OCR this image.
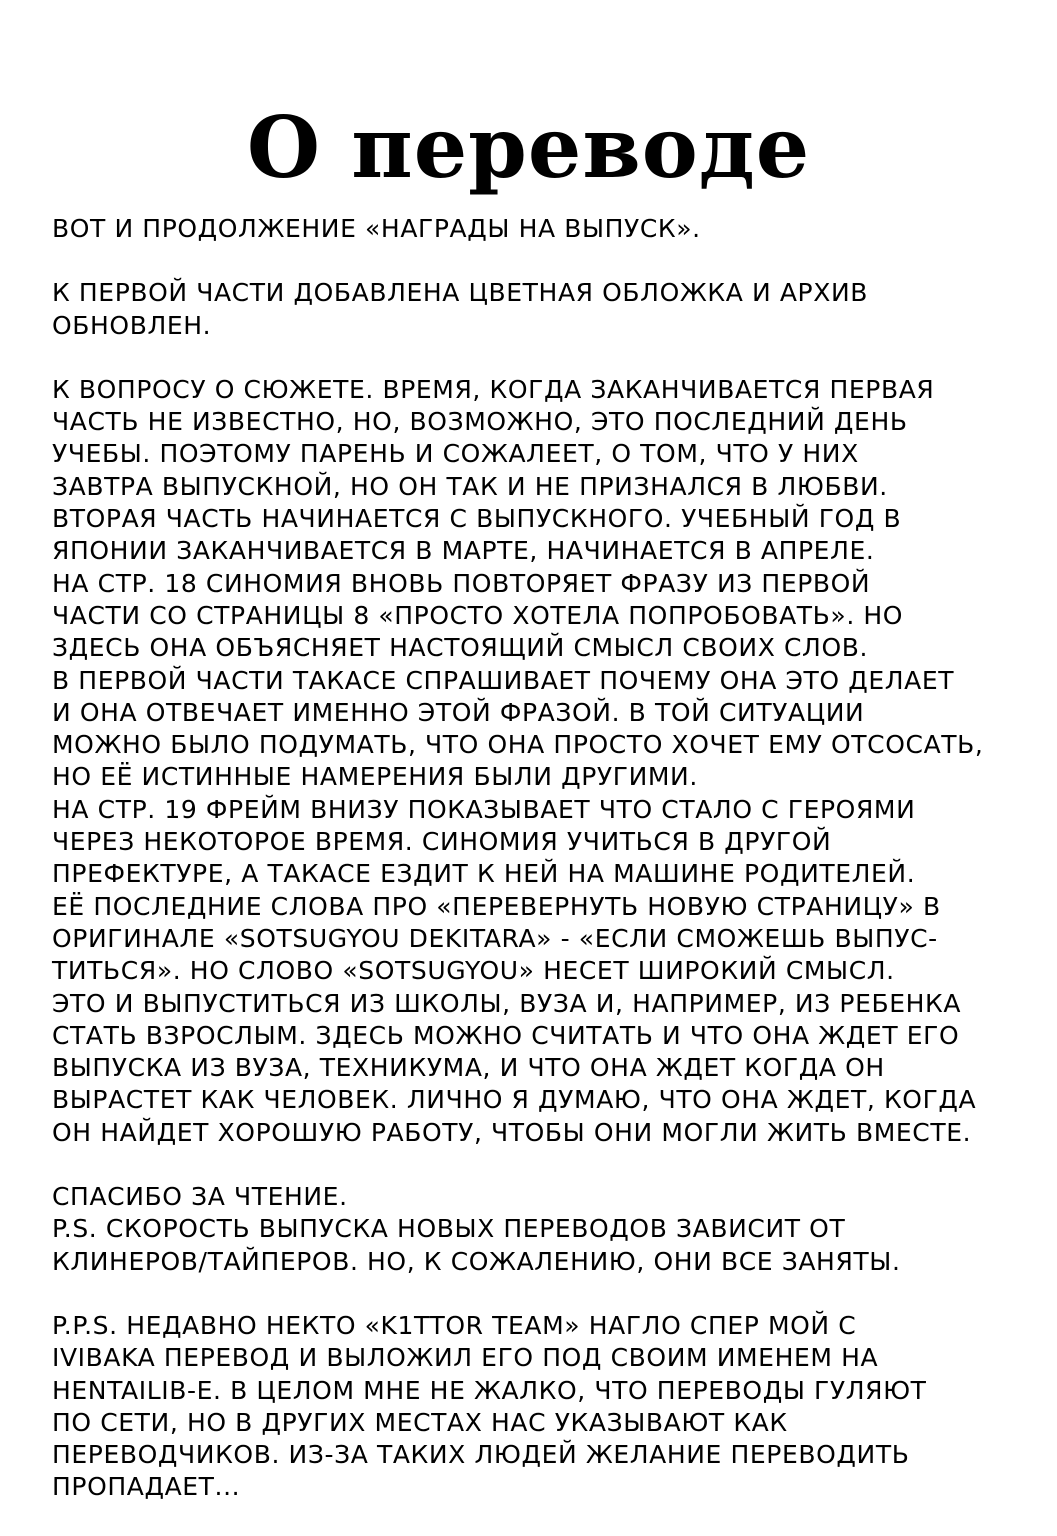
О переводе
ВОТ И ПРОДОЛЖЕНИЕ «НАГРАДЫ НА ВЫПУСК».
К ПЕРВОЙ ЧАСТИ ДОБАВЛЕНА ЦВЕТНАЯ ОБЛОЖКА И АРХИВ
ОБНОВЛЕН.
К ВОПРОСУ О СЮЖЕТЕ. ВРЕМЯ, КОГДА ЗАКАНЧИВАЕТСЯ ПЕРВАЯ
ЧАСТЬ НЕ ИЗВЕСТНО, НО, ВОЗМОЖНО, ЭТО ПОСЛЕДНИЙ ДЕНЬ
УЧЕБЫ. ПОЭТОМУ ПАРЕНЬ И СОЖАЛЕЕТ, О ТОМ, ЧТО У НИХ
ЗАВТРА ВЫПУСКНОЙ, НО ОН ТАК И НЕ ПРИЗНАЛСЯ В ЛЮБВИ.
ВТОРАЯ ЧАСТЬ НАЧИНАЕТСЯ С ВЫПУСКНОГО. УЧЕБНЫЙ ГОД В
ЯПОНИИ ЗАКАНЧИВАЕТСЯ В МАРТЕ, НАЧИНАЕТСЯ В АПРЕЛЕ.
НА СТР. 18 СИНОМИЯ ВНОВЬ ПОВТОРЯЕТ ФРАЗУ ИЗ ПЕРВОЙ
ЧАСТИ СО СТРАНИЦЫ 8 «ПРОСТО ХОТЕЛА ПОПРОБОВАТЬ». НО
ЗДЕСЬ ОНА ОБЪЯСНЯЕТ НАСТОЯЩИЙ СМЫСЛ СВОИХ СЛОВ.
В ПЕРВОЙ ЧАСТИ ТАКАСЕ СПРАШИВАЕТ ПОЧЕМУ ОНА ЭТО ДЕЛАЕТ
И ОНА ОТВЕЧАЕТ ИМЕННО ЭТОЙ ФРАЗОЙ. В ТОЙ СИТУАЦИИ
МОЖНО БЫЛО ПОДУМАТЬ, ЧТО ОНА ПРОСТО ХОЧЕТ ЕМУ ОТСОСАТЬ,
НО ЕЁ ИСТИННЫЕ НАМЕРЕНИЯ БЫЛИ ДРУГИМИ.
НА СТР. 19 ФРЕЙМ ВНИЗУ ПОКАЗЫВАЕТ ЧТО СТАЛО С ГЕРОЯМИ
ЧЕРЕЗ НЕКОТОРОЕ ВРЕМЯ. СИНОМИЯ УЧИТЬСЯ В ДРУГОЙ
ПРЕФЕКТУРЕ, А ТАКАСЕ ЕЗДИТ К НЕЙ НА МАШИНЕ РОДИТЕЛЕЙ.
ЕЁ ПОСЛЕДНИЕ СЛОВА ПРО «ПЕРЕВЕРНУТЬ НОВУЮ СТРАНИЦУ» В
ОРИГИНАЛЕ «SOTSUGYOU DEKITARA» - «ЕСЛИ СМОЖЕШЬ ВЫПУС-
ТИТЬСЯ». НО СЛОВО «SOTSUGYOU» НЕСЕТ ШИРОКИЙ СМЫСЛ.
ЭТО И ВЫПУСТИТЬСЯ ИЗ ШКОЛЫ, ВУЗА И, НАПРИМЕР, ИЗ РЕБЕНКА
СТАТЬ ВЗРОСЛЫМ. ЗДЕСЬ МОЖНО СЧИТАТЬ И ЧТО ОНА ЖДЕТ ЕГО
ВЫПУСКА ИЗ ВУЗА, ТЕХНИКУМА, И ЧТО ОНА ЖДЕТ КОГДА ОН
ВЫРАСТЕТ КАК ЧЕЛОВЕК. ЛИЧНО Я ДУМАЮ, ЧТО ОНА ЖДЕТ, КОГДА
ОН НАЙДЕТ ХОРОШУЮ РАБОТУ, ЧТОБЫ ОНИ МОГЛИ ЖИТЬ ВМЕСТЕ.
СПАСИБО ЗА ЧТЕНИЕ.
P.S. СКОРОСТЬ ВЫПУСКА НОВЫХ ПЕРЕВОДОВ ЗАВИСИТ ОТ
КЛИНЕРОВ/ТАЙПЕРОВ. НО, К СОЖАЛЕНИЮ, ОНИ ВСЕ ЗАНЯТЫ.
P.P.S. НЕДАВНО НЕКТО «K1TTOR TEAM» НАГЛО СПЕР МОЙ С
IVIBAKA ПЕРЕВОД И ВЫЛОЖИЛ ЕГО ПОД СВОИМ ИМЕНЕМ НА
HENTAILIB-Е. В ЦЕЛОМ МНЕ НЕ ЖАЛКО, ЧТО ПЕРЕВОДЫ ГУЛЯЮТ
ПО СЕТИ, НО В ДРУГИХ МЕСТАХ НАС УКАЗЫВАЮТ КАК
ПЕРЕВОДЧИКОВ. ИЗ-ЗА ТАКИХ ЛЮДЕЙ ЖЕЛАНИЕ ПЕРЕВОДИТЬ
ПРОПАДАЕТ...
